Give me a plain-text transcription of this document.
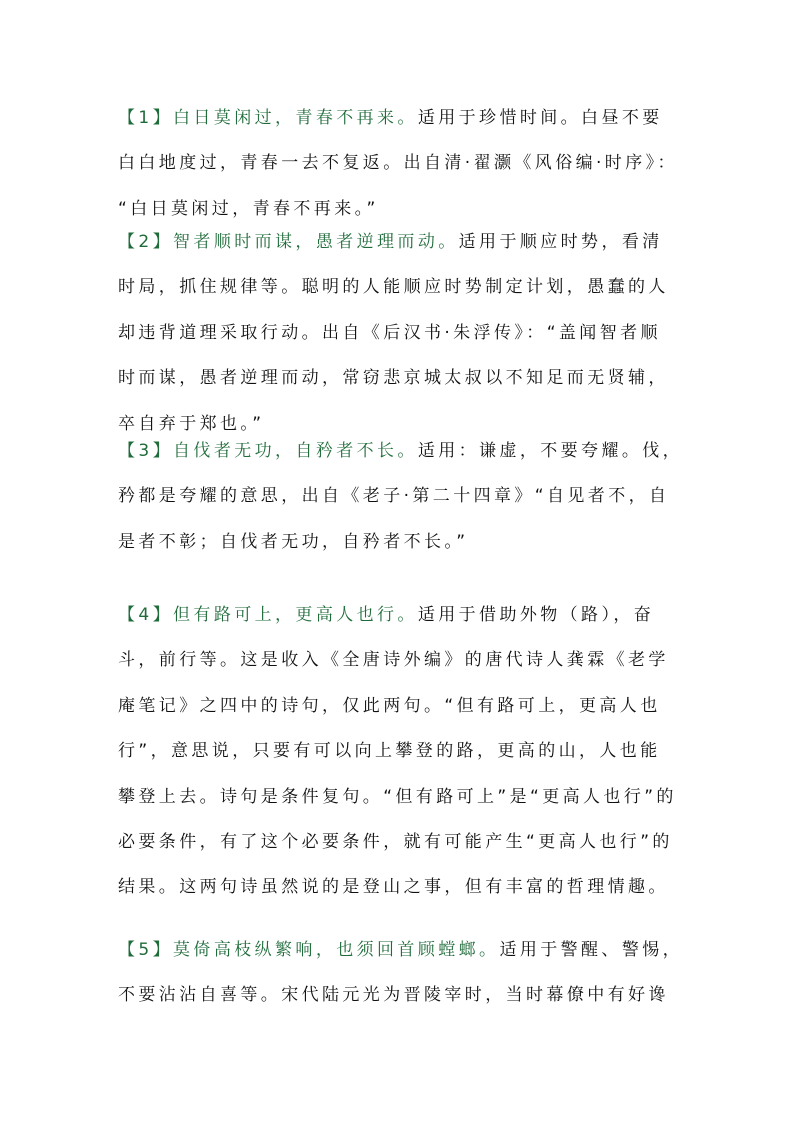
【1】白日莫闲过，青春不再来。适用于珍惜时间。白昼不要
白白地度过，青春一去不复返。出自清·翟灏《风俗编·时序》：
“白日莫闲过，青春不再来。”
【2】智者顺时而谋，愚者逆理而动。适用于顺应时势，看清
时局，抓住规律等。聪明的人能顺应时势制定计划，愚蠢的人
却违背道理采取行动。出自《后汉书·朱浮传》：“盖闻智者顺
时而谋，愚者逆理而动，常窃悲京城太叔以不知足而无贤辅，
卒自弃于郑也。”
【3】自伐者无功，自矜者不长。适用：谦虚，不要夸耀。伐，
矜都是夸耀的意思，出自《老子·第二十四章》“自见者不，自
是者不彰；自伐者无功，自矜者不长。”
【4】但有路可上，更高人也行。适用于借助外物（路），奋
斗，前行等。这是收入《全唐诗外编》的唐代诗人龚霖《老学
庵笔记》之四中的诗句，仅此两句。“但有路可上，更高人也
行”，意思说，只要有可以向上攀登的路，更高的山，人也能
攀登上去。诗句是条件复句。“但有路可上”是“更高人也行”的
必要条件，有了这个必要条件，就有可能产生“更高人也行”的
结果。这两句诗虽然说的是登山之事，但有丰富的哲理情趣。
【5】莫倚高枝纵繁响，也须回首顾螳螂。适用于警醒、警惕，
不要沾沾自喜等。宋代陆元光为晋陵宰时，当时幕僚中有好谗
